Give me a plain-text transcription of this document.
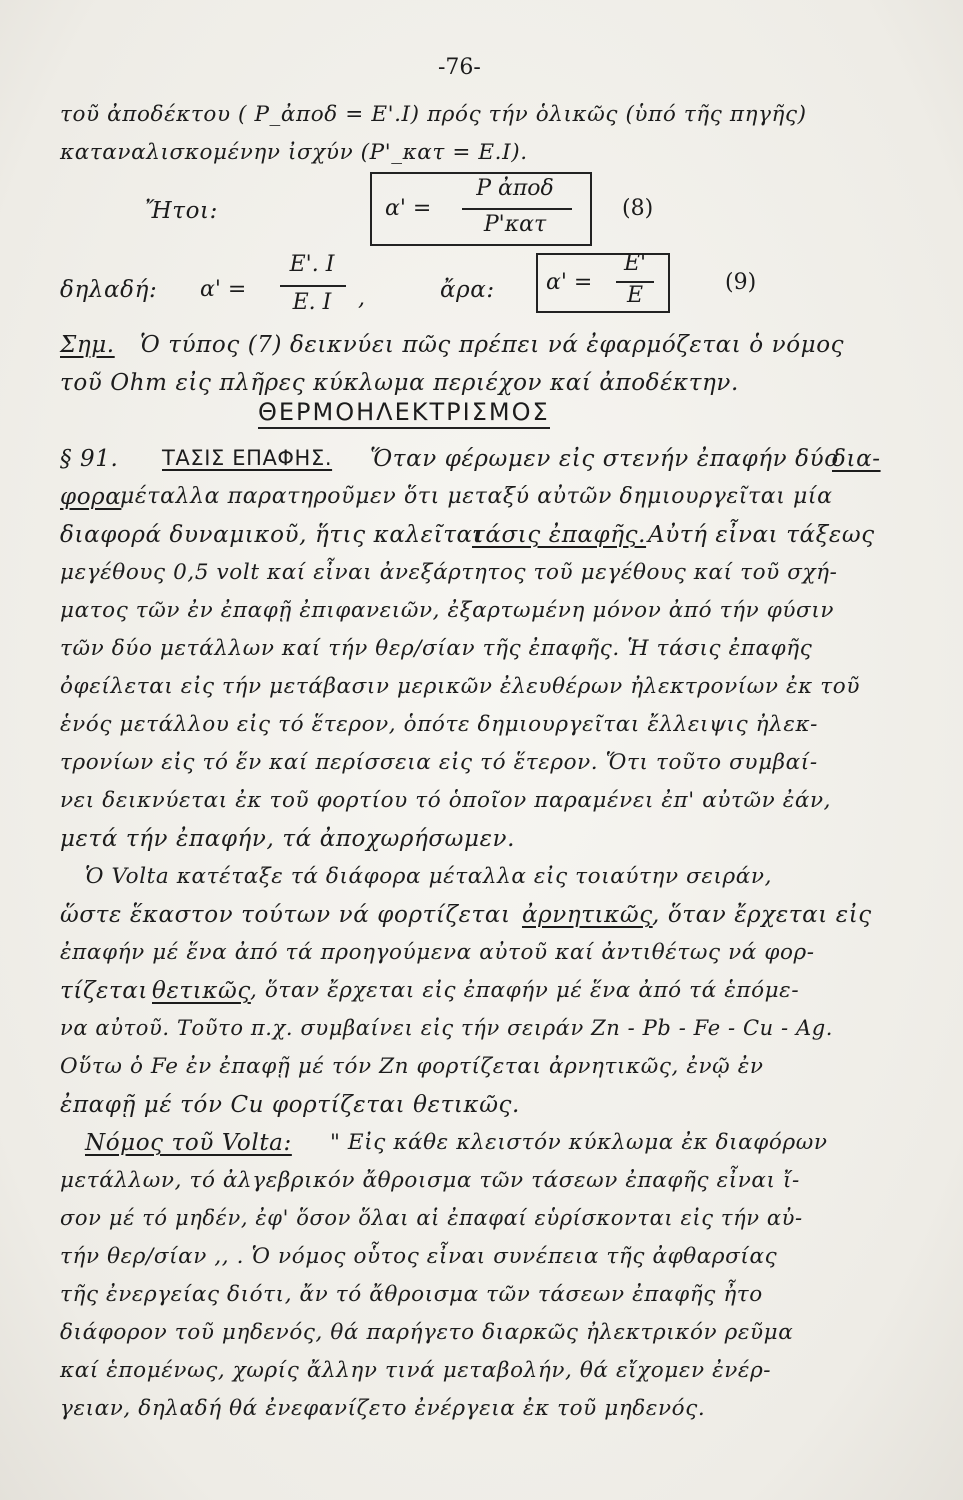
-76-
τοῦ ἀποδέκτου ( P_ἀποδ = E'.I) πρός τήν ὁλικῶς (ὑπό τῆς πηγῆς)
καταναλισκομένην ἰσχύν (P'_κατ = E.I).
Ἤτοι:	α' =
P ἀποδ
P'κατ
(8)
δηλαδή: α' =
E'. I
E. I	,	ἄρα: α' =
E'
E
(9)
Σημ. Ὁ τύπος (7) δεικνύει πῶς πρέπει νά ἐφαρμόζεται ὁ νόμος
τοῦ Ohm εἰς πλῆρες κύκλωμα περιέχον καί ἀποδέκτην.
ΘΕΡΜΟΗΛΕΚΤΡΙΣΜΟΣ
§ 91. ΤΑΣΙΣ ΕΠΑΦΗΣ. Ὅταν φέρωμεν εἰς στενήν ἐπαφήν δύο
δια-
φορα
μέταλλα παρατηροῦμεν ὅτι μεταξύ αὐτῶν δημιουργεῖται μία
διαφορά δυναμικοῦ, ἥτις καλεῖται
τάσις ἐπαφῆς. Αὐτή εἶναι τάξεως
μεγέθους 0,5 volt καί εἶναι ἀνεξάρτητος τοῦ μεγέθους καί τοῦ σχή-
ματος τῶν ἐν ἐπαφῇ ἐπιφανειῶν, ἐξαρτωμένη μόνον ἀπό τήν φύσιν
τῶν δύο μετάλλων καί τήν θερ/σίαν τῆς ἐπαφῆς. Ἡ τάσις ἐπαφῆς
ὀφείλεται εἰς τήν μετάβασιν μερικῶν ἐλευθέρων ἠλεκτρονίων ἐκ τοῦ
ἑνός μετάλλου εἰς τό ἕτερον, ὁπότε δημιουργεῖται ἔλλειψις ἠλεκ-
τρονίων εἰς τό ἕν καί περίσσεια εἰς τό ἕτερον. Ὅτι τοῦτο συμβαί-
νει δεικνύεται ἐκ τοῦ φορτίου τό ὁποῖον παραμένει ἐπ' αὐτῶν ἐάν,
μετά τήν ἐπαφήν, τά ἀποχωρήσωμεν.
Ὁ Volta κατέταξε τά διάφορα μέταλλα εἰς τοιαύτην σειράν,
ὥστε ἕκαστον τούτων νά φορτίζεται ἀρνητικῶς , ὅταν ἔρχεται εἰς
ἐπαφήν μέ ἕνα ἀπό τά προηγούμενα αὐτοῦ καί ἀντιθέτως νά φορ-
τίζεται θετικῶς , ὅταν ἔρχεται εἰς ἐπαφήν μέ ἕνα ἀπό τά ἑπόμε-
να αὐτοῦ. Τοῦτο π.χ. συμβαίνει εἰς τήν σειράν Zn - Pb - Fe - Cu - Ag.
Οὕτω ὁ Fe ἐν ἐπαφῇ μέ τόν Zn φορτίζεται ἀρνητικῶς, ἐνῷ ἐν
ἐπαφῇ μέ τόν Cu φορτίζεται θετικῶς.
Νόμος τοῦ Volta: " Εἰς κάθε κλειστόν κύκλωμα ἐκ διαφόρων
μετάλλων, τό ἀλγεβρικόν ἄθροισμα τῶν τάσεων ἐπαφῆς εἶναι ἴ-
σον μέ τό μηδέν, ἐφ' ὅσον ὅλαι αἱ ἐπαφαί εὑρίσκονται εἰς τήν αὐ-
τήν θερ/σίαν ,, . Ὁ νόμος οὗτος εἶναι συνέπεια τῆς ἀφθαρσίας
τῆς ἐνεργείας διότι, ἄν τό ἄθροισμα τῶν τάσεων ἐπαφῆς ἦτο
διάφορον τοῦ μηδενός, θά παρήγετο διαρκῶς ἠλεκτρικόν ρεῦμα
καί ἑπομένως, χωρίς ἄλλην τινά μεταβολήν, θά εἴχομεν ἐνέρ-
γειαν, δηλαδή θά ἐνεφανίζετο ἐνέργεια ἐκ τοῦ μηδενός.
